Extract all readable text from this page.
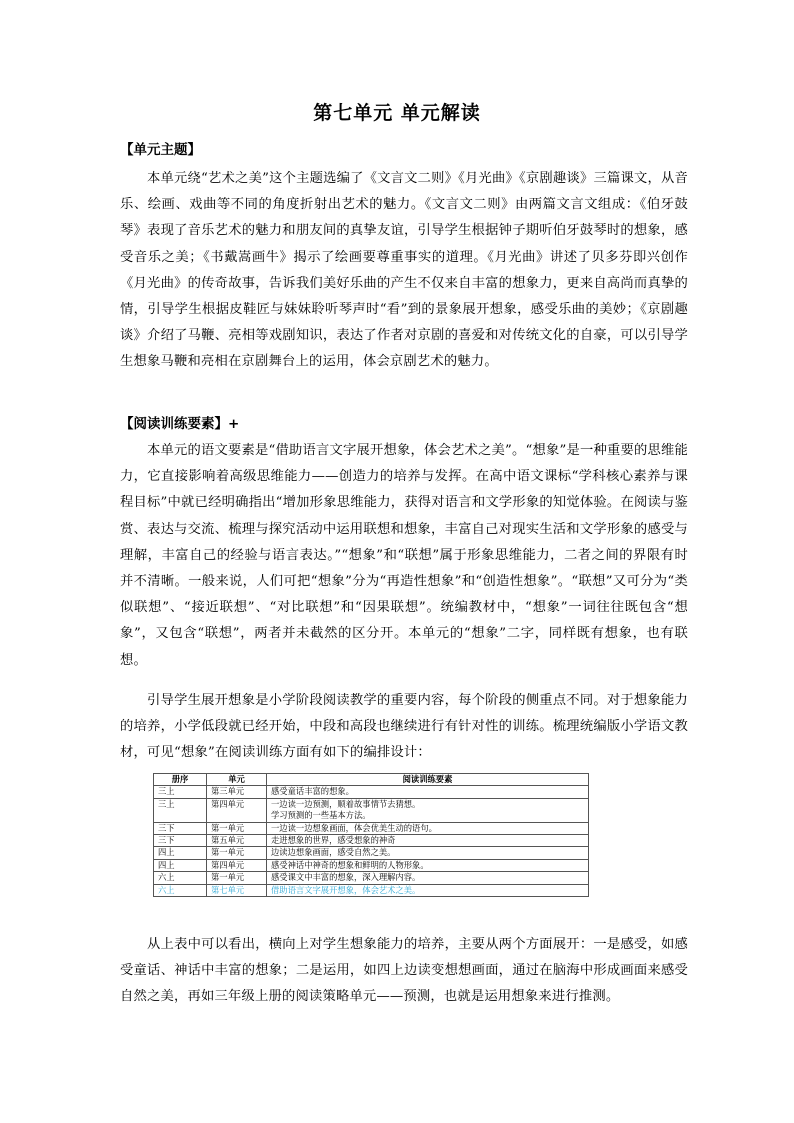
第七单元 单元解读
【单元主题】
本单元绕“艺术之美”这个主题选编了《文言文二则》《月光曲》《京剧趣谈》三篇课文，从音乐、绘画、戏曲等不同的角度折射出艺术的魅力。《文言文二则》由两篇文言文组成：《伯牙鼓琴》表现了音乐艺术的魅力和朋友间的真挚友谊，引导学生根据钟子期听伯牙鼓琴时的想象，感受音乐之美；《书戴嵩画牛》揭示了绘画要尊重事实的道理。《月光曲》讲述了贝多芬即兴创作《月光曲》的传奇故事，告诉我们美好乐曲的产生不仅来自丰富的想象力，更来自高尚而真挚的情，引导学生根据皮鞋匠与妹妹聆听琴声时“看”到的景象展开想象，感受乐曲的美妙；《京剧趣谈》介绍了马鞭、亮相等戏剧知识，表达了作者对京剧的喜爱和对传统文化的自豪，可以引导学生想象马鞭和亮相在京剧舞台上的运用，体会京剧艺术的魅力。
【阅读训练要素】+
本单元的语文要素是“借助语言文字展开想象，体会艺术之美”。“想象”是一种重要的思维能力，它直接影响着高级思维能力——创造力的培养与发挥。在高中语文课标“学科核心素养与课程目标”中就已经明确指出“增加形象思维能力，获得对语言和文学形象的知觉体验。在阅读与鉴赏、表达与交流、梳理与探究活动中运用联想和想象，丰富自己对现实生活和文学形象的感受与理解，丰富自己的经验与语言表达。”“想象”和“联想”属于形象思维能力，二者之间的界限有时并不清晰。一般来说，人们可把“想象”分为“再造性想象”和“创造性想象”。“联想”又可分为“类似联想”、“接近联想”、“对比联想”和“因果联想”。统编教材中，“想象”一词往往既包含“想象”，又包含“联想”，两者并未截然的区分开。本单元的“想象”二字，同样既有想象，也有联想。
引导学生展开想象是小学阶段阅读教学的重要内容，每个阶段的侧重点不同。对于想象能力的培养，小学低段就已经开始，中段和高段也继续进行有针对性的训练。梳理统编版小学语文教材，可见“想象”在阅读训练方面有如下的编排设计：
册序	单元	阅读训练要素
三上	第三单元	感受童话丰富的想象。

三上	第四单元	一边读一边预测，顺着故事情节去猜想。
学习预测的一些基本方法。

三下	第一单元	一边读一边想象画面，体会优美生动的语句。

三下	第五单元	走进想象的世界，感受想象的神奇

四上	第一单元	边读边想象画面，感受自然之美。

四上	第四单元	感受神话中神奇的想象和鲜明的人物形象。

六上	第一单元	感受课文中丰富的想象，深入理解内容。

六上	第七单元	借助语言文字展开想象，体会艺术之美。
从上表中可以看出，横向上对学生想象能力的培养，主要从两个方面展开：一是感受，如感受童话、神话中丰富的想象；二是运用，如四上边读变想想画面，通过在脑海中形成画面来感受自然之美，再如三年级上册的阅读策略单元——预测，也就是运用想象来进行推测。
